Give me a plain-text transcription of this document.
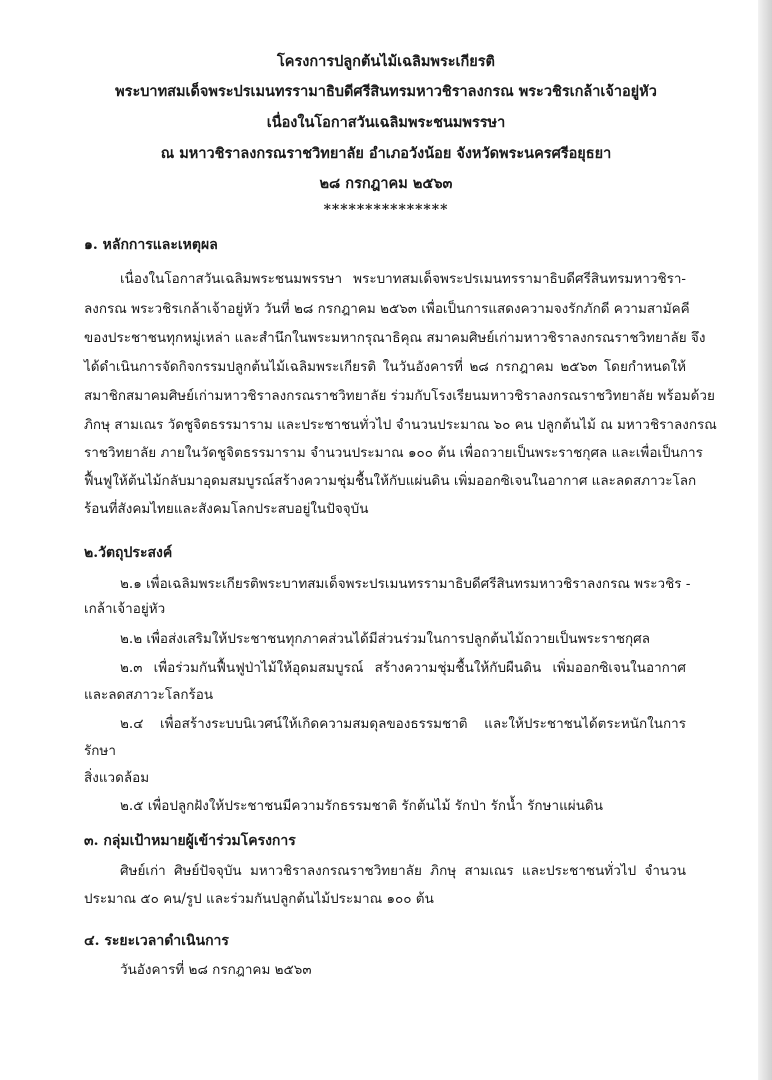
โครงการปลูกต้นไม้เฉลิมพระเกียรติ
พระบาทสมเด็จพระปรเมนทรรามาธิบดีศรีสินทรมหาวชิราลงกรณ พระวชิรเกล้าเจ้าอยู่หัว
เนื่องในโอกาสวันเฉลิมพระชนมพรรษา
ณ มหาวชิราลงกรณราชวิทยาลัย อำเภอวังน้อย จังหวัดพระนครศรีอยุธยา
๒๘ กรกฎาคม ๒๕๖๓
***************
๑. หลักการและเหตุผล
เนื่องในโอกาสวันเฉลิมพระชนมพรรษา พระบาทสมเด็จพระปรเมนทรรามาธิบดีศรีสินทรมหาวชิรา-
ลงกรณ พระวชิรเกล้าเจ้าอยู่หัว วันที่ ๒๘ กรกฎาคม ๒๕๖๓ เพื่อเป็นการแสดงความจงรักภักดี ความสามัคคี
ของประชาชนทุกหมู่เหล่า และสำนึกในพระมหากรุณาธิคุณ สมาคมศิษย์เก่ามหาวชิราลงกรณราชวิทยาลัย จึง
ได้ดำเนินการจัดกิจกรรมปลูกต้นไม้เฉลิมพระเกียรติ ในวันอังคารที่ ๒๘ กรกฎาคม ๒๕๖๓ โดยกำหนดให้
สมาชิกสมาคมศิษย์เก่ามหาวชิราลงกรณราชวิทยาลัย ร่วมกับโรงเรียนมหาวชิราลงกรณราชวิทยาลัย พร้อมด้วย
ภิกษุ สามเณร วัดชูจิตธรรมาราม และประชาชนทั่วไป จำนวนประมาณ ๖๐ คน ปลูกต้นไม้ ณ มหาวชิราลงกรณ
ราชวิทยาลัย ภายในวัดชูจิตธรรมาราม จำนวนประมาณ ๑๐๐ ต้น เพื่อถวายเป็นพระราชกุศล และเพื่อเป็นการ
ฟื้นฟูให้ต้นไม้กลับมาอุดมสมบูรณ์สร้างความชุ่มชื้นให้กับแผ่นดิน เพิ่มออกซิเจนในอากาศ และลดสภาวะโลก
ร้อนที่สังคมไทยและสังคมโลกประสบอยู่ในปัจจุบัน
๒.วัตถุประสงค์
๒.๑ เพื่อเฉลิมพระเกียรติพระบาทสมเด็จพระปรเมนทรรามาธิบดีศรีสินทรมหาวชิราลงกรณ พระวชิร -
เกล้าเจ้าอยู่หัว
๒.๒ เพื่อส่งเสริมให้ประชาชนทุกภาคส่วนได้มีส่วนร่วมในการปลูกต้นไม้ถวายเป็นพระราชกุศล
๒.๓ เพื่อร่วมกันฟื้นฟูป่าไม้ให้อุดมสมบูรณ์ สร้างความชุ่มชื้นให้กับผืนดิน เพิ่มออกซิเจนในอากาศ
และลดสภาวะโลกร้อน
๒.๔ เพื่อสร้างระบบนิเวศน์ให้เกิดความสมดุลของธรรมชาติ และให้ประชาชนได้ตระหนักในการ
รักษา
สิ่งแวดล้อม
๒.๕ เพื่อปลูกฝังให้ประชาชนมีความรักธรรมชาติ รักต้นไม้ รักป่า รักน้ำ รักษาแผ่นดิน
๓. กลุ่มเป้าหมายผู้เข้าร่วมโครงการ
ศิษย์เก่า ศิษย์ปัจจุบัน มหาวชิราลงกรณราชวิทยาลัย ภิกษุ สามเณร และประชาชนทั่วไป จำนวน
ประมาณ ๕๐ คน/รูป และร่วมกันปลูกต้นไม้ประมาณ ๑๐๐ ต้น
๔. ระยะเวลาดำเนินการ
วันอังคารที่ ๒๘ กรกฎาคม ๒๕๖๓
